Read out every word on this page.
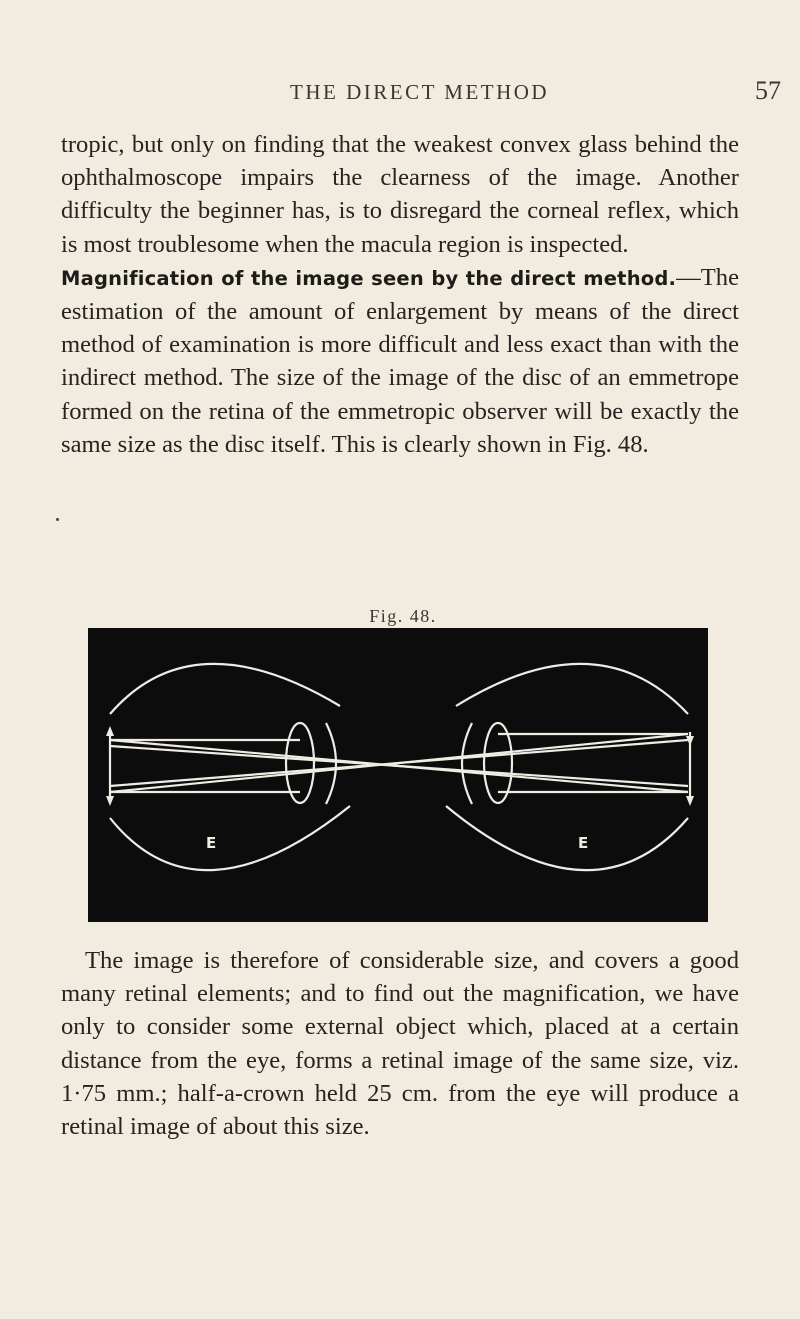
THE DIRECT METHOD	57

tropic, but only on finding that the weakest convex glass behind the ophthalmoscope impairs the clearness of the image. Another difficulty the beginner has, is to disregard the corneal reflex, which is most troublesome when the macula region is inspected.

Magnification of the image seen by the direct method.—The estimation of the amount of enlargement by means of the direct method of examination is more difficult and less exact than with the indirect method. The size of the image of the disc of an emmetrope formed on the retina of the emmetropic observer will be exactly the same size as the disc itself. This is clearly shown in Fig. 48.

Fig. 48.
E	E

The image is therefore of considerable size, and covers a good many retinal elements; and to find out the magnification, we have only to consider some external object which, placed at a certain distance from the eye, forms a retinal image of the same size, viz. 1·75 mm.; half-a-crown held 25 cm. from the eye will produce a retinal image of about this size.
